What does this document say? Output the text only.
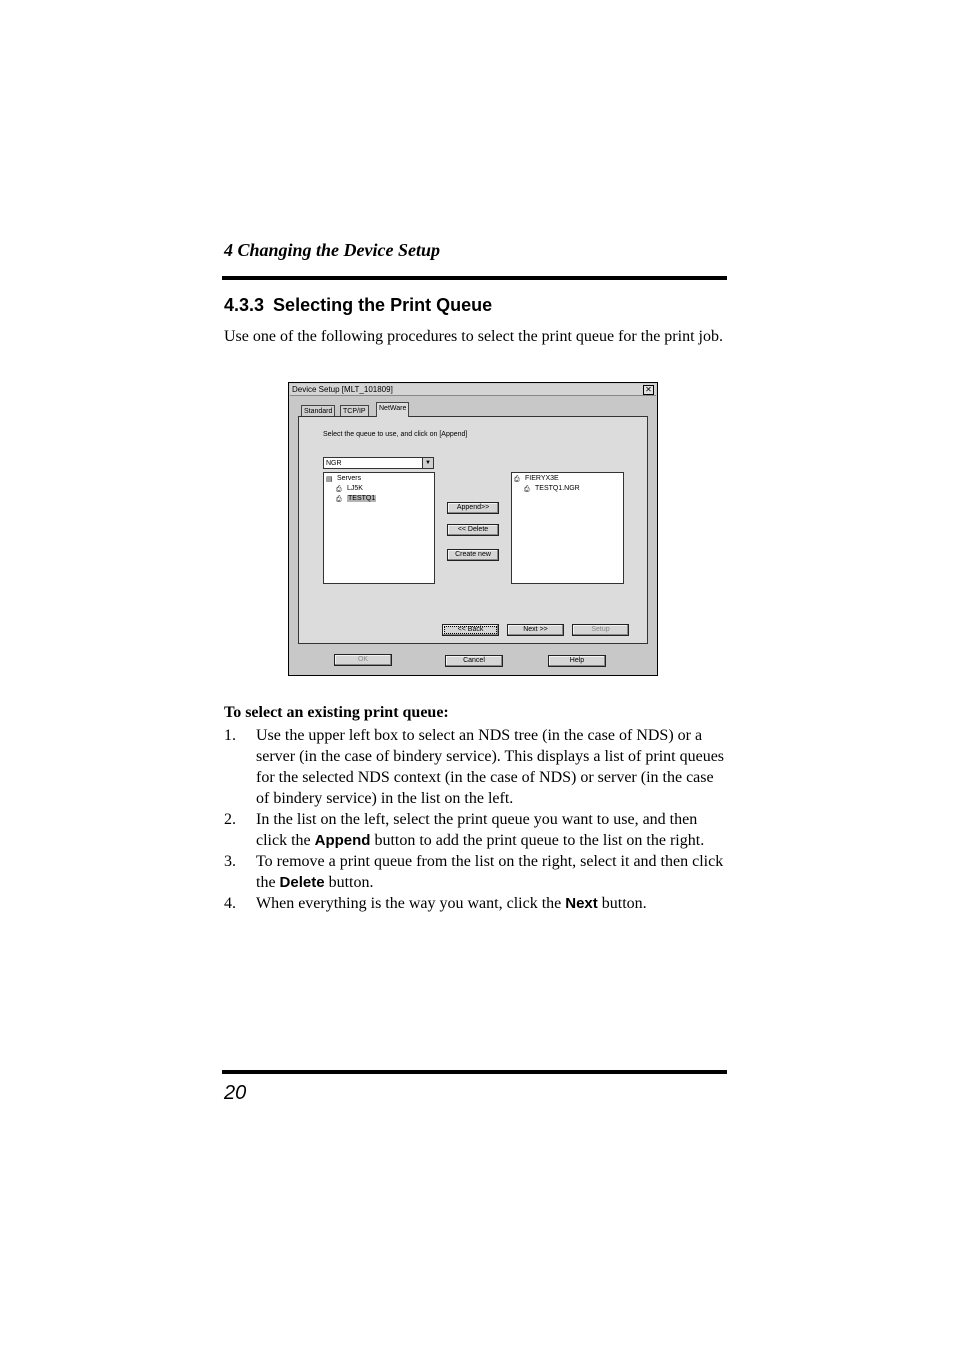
4 Changing the Device Setup
4.3.3 Selecting the Print Queue
Use one of the following procedures to select the print queue for the print job.
Device Setup [MLT_101809]	✕
Standard	TCP/IP	NetWare
Select the queue to use, and click on [Append]
NGR	▼
▤ Servers
⎙ LJ5K
⎙ TESTQ1
Append>>
<< Delete
Create new
⎙ FIERYX3E
⎙ TESTQ1.NGR
<< Back	Next >>	Setup
OK	Cancel	Help
To select an existing print queue:
1. Use the upper left box to select an NDS tree (in the case of NDS) or a server (in the case of bindery service). This displays a list of print queues for the selected NDS context (in the case of NDS) or server (in the case of bindery service) in the list on the left.
2. In the list on the left, select the print queue you want to use, and then click the Append button to add the print queue to the list on the right.
3. To remove a print queue from the list on the right, select it and then click the Delete button.
4. When everything is the way you want, click the Next button.
20
